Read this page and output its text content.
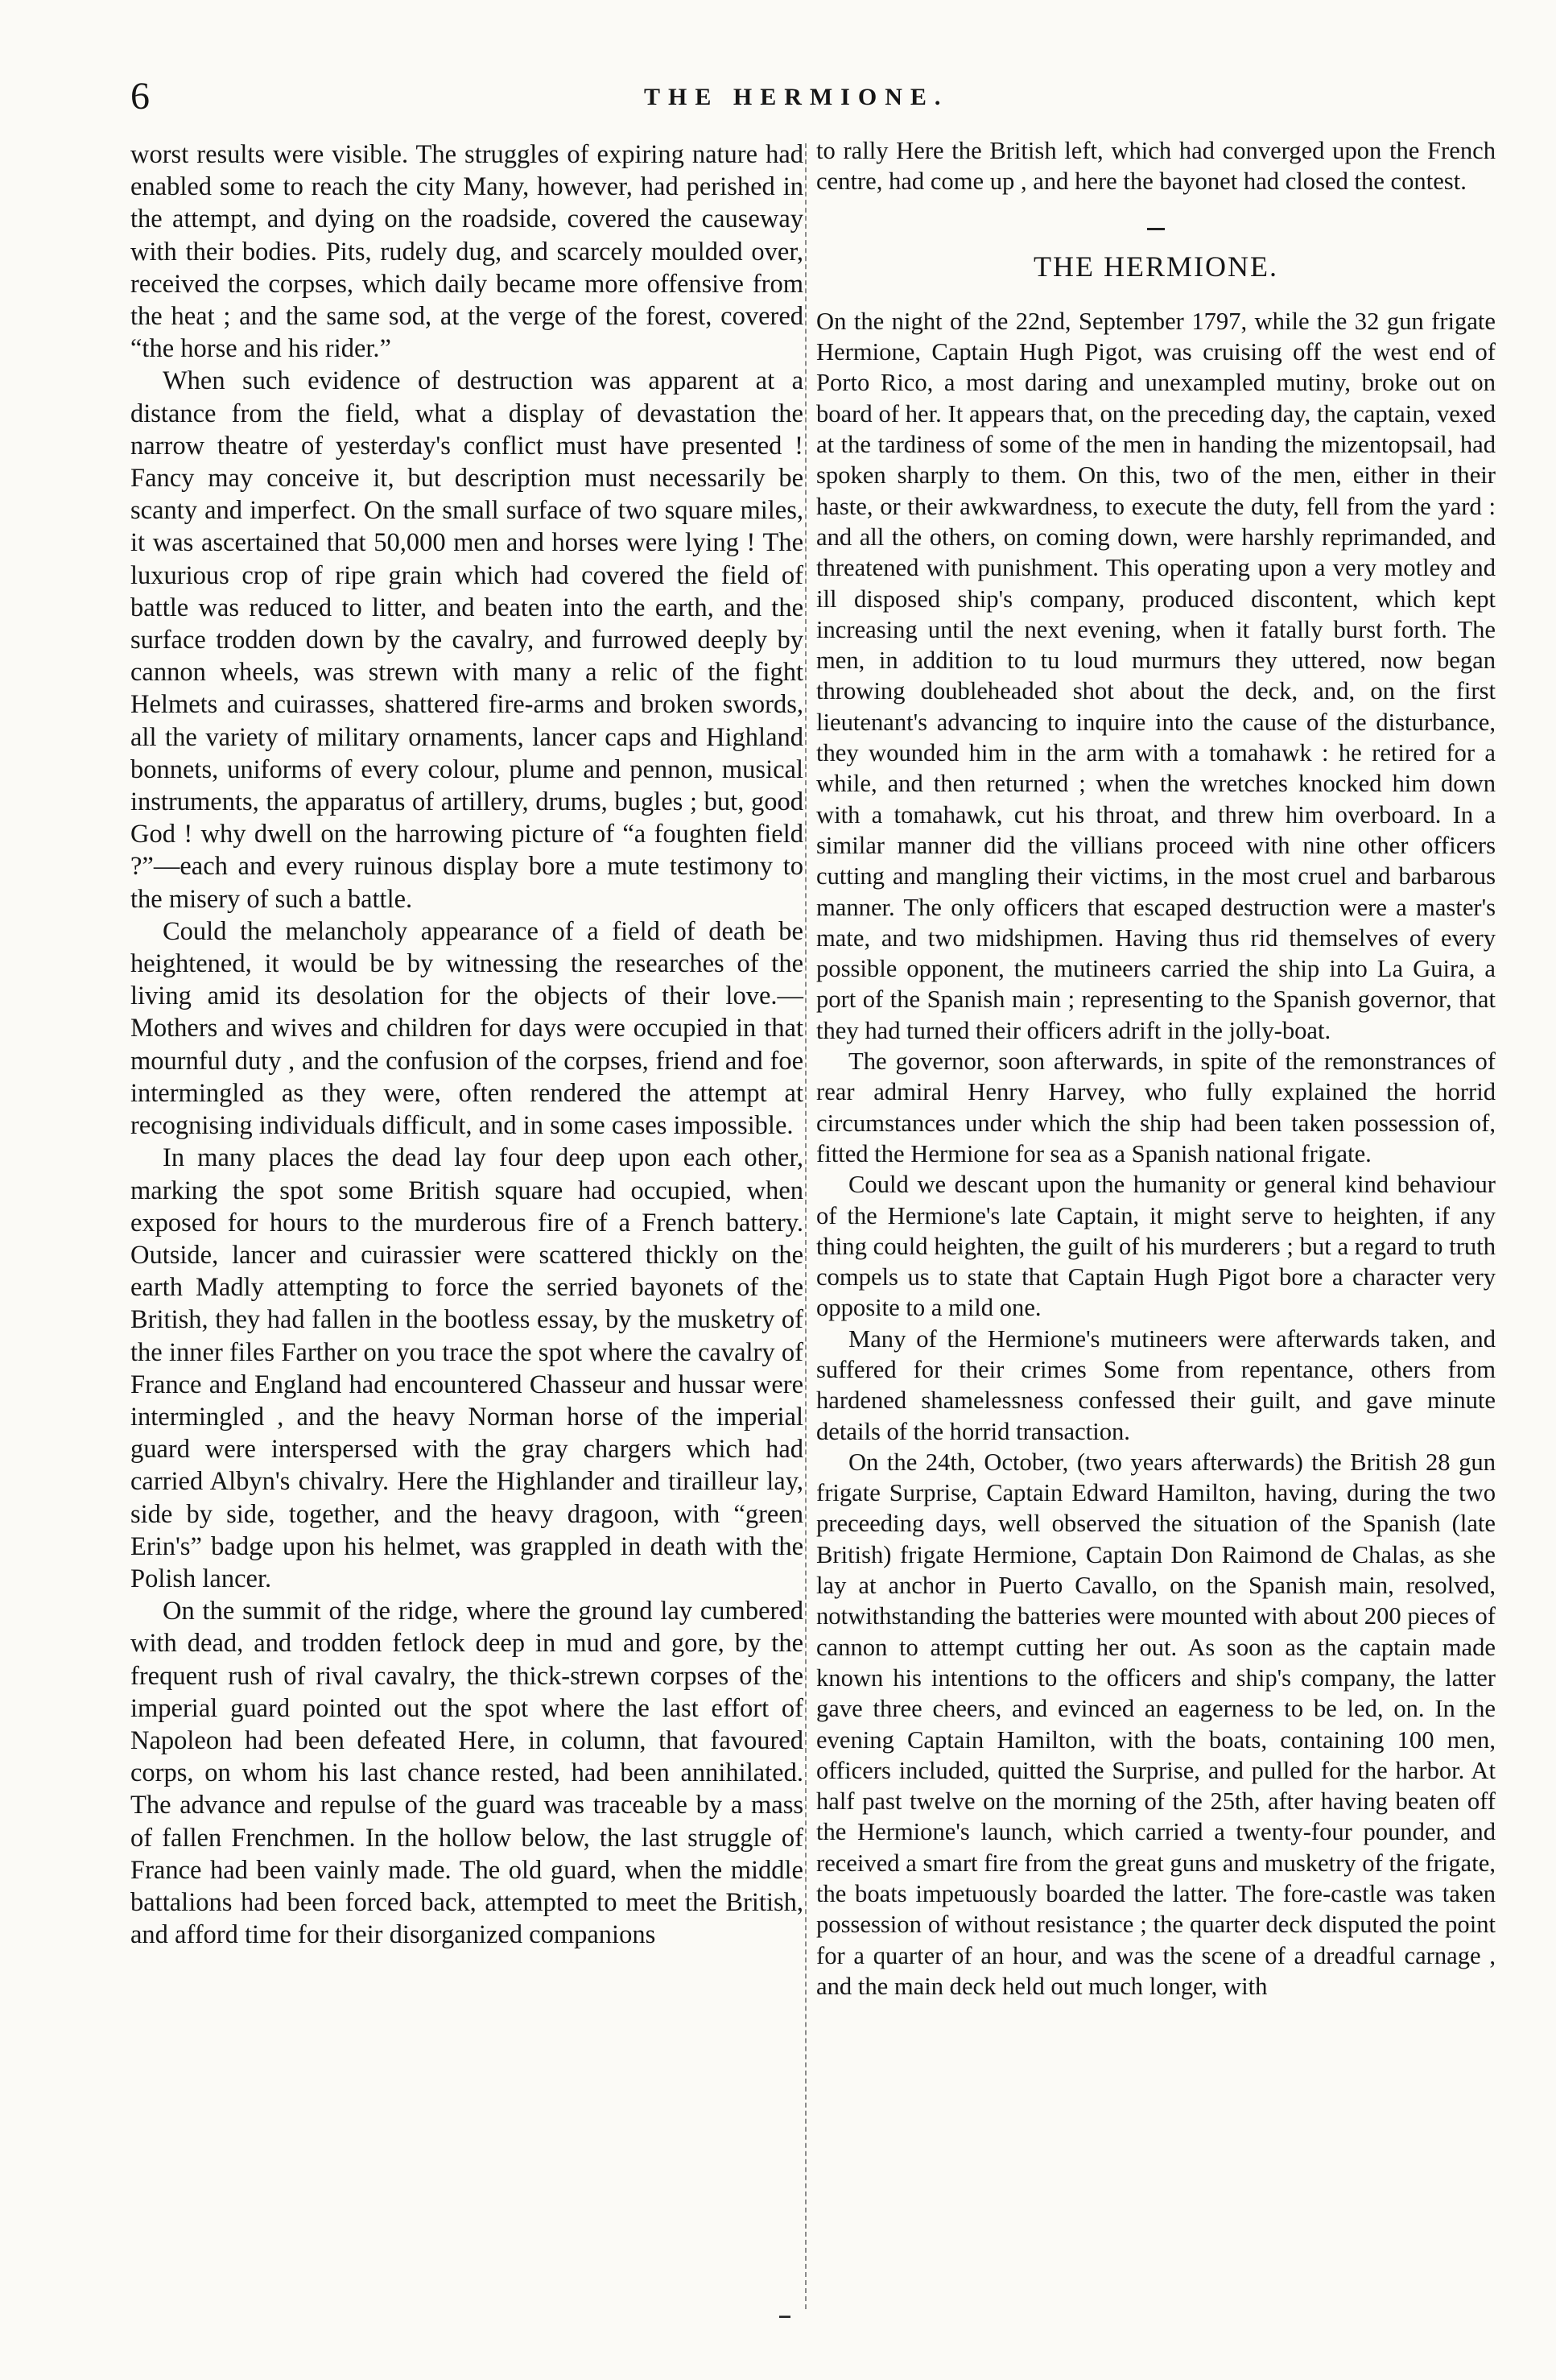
6	THE HERMIONE.

worst results were visible. The struggles of expiring nature had enabled some to reach the city Many, however, had perished in the attempt, and dying on the roadside, covered the causeway with their bodies. Pits, rudely dug, and scarcely moulded over, received the corpses, which daily became more offensive from the heat ; and the same sod, at the verge of the forest, covered “the horse and his rider.”

When such evidence of destruction was apparent at a distance from the field, what a display of devastation the narrow theatre of yesterday's conflict must have presented ! Fancy may conceive it, but description must necessarily be scanty and imperfect. On the small surface of two square miles, it was ascertained that 50,000 men and horses were lying ! The luxurious crop of ripe grain which had covered the field of battle was reduced to litter, and beaten into the earth, and the surface trodden down by the cavalry, and furrowed deeply by cannon wheels, was strewn with many a relic of the fight Helmets and cuirasses, shattered fire-arms and broken swords, all the variety of military ornaments, lancer caps and Highland bonnets, uniforms of every colour, plume and pennon, musical instruments, the apparatus of artillery, drums, bugles ; but, good God ! why dwell on the harrowing picture of “a foughten field ?”—each and every ruinous display bore a mute testimony to the misery of such a battle.

Could the melancholy appearance of a field of death be heightened, it would be by witnessing the researches of the living amid its desolation for the objects of their love.—Mothers and wives and children for days were occupied in that mournful duty , and the confusion of the corpses, friend and foe intermingled as they were, often rendered the attempt at recognising individuals difficult, and in some cases impossible.

In many places the dead lay four deep upon each other, marking the spot some British square had occupied, when exposed for hours to the murderous fire of a French battery. Outside, lancer and cuirassier were scattered thickly on the earth Madly attempting to force the serried bayonets of the British, they had fallen in the bootless essay, by the musketry of the inner files Farther on you trace the spot where the cavalry of France and England had encountered Chasseur and hussar were intermingled , and the heavy Norman horse of the imperial guard were interspersed with the gray chargers which had carried Albyn's chivalry. Here the Highlander and tirailleur lay, side by side, together, and the heavy dragoon, with “green Erin's” badge upon his helmet, was grappled in death with the Polish lancer.

On the summit of the ridge, where the ground lay cumbered with dead, and trodden fetlock deep in mud and gore, by the frequent rush of rival cavalry, the thick-strewn corpses of the imperial guard pointed out the spot where the last effort of Napoleon had been defeated Here, in column, that favoured corps, on whom his last chance rested, had been annihilated. The advance and repulse of the guard was traceable by a mass of fallen Frenchmen. In the hollow below, the last struggle of France had been vainly made. The old guard, when the middle battalions had been forced back, attempted to meet the British, and afford time for their disorganized companions

to rally Here the British left, which had converged upon the French centre, had come up , and here the bayonet had closed the contest.

THE HERMIONE.

On the night of the 22nd, September 1797, while the 32 gun frigate Hermione, Captain Hugh Pigot, was cruising off the west end of Porto Rico, a most daring and unexampled mutiny, broke out on board of her. It appears that, on the preceding day, the captain, vexed at the tardiness of some of the men in handing the mizentopsail, had spoken sharply to them. On this, two of the men, either in their haste, or their awkwardness, to execute the duty, fell from the yard : and all the others, on coming down, were harshly reprimanded, and threatened with punishment. This operating upon a very motley and ill disposed ship's company, produced discontent, which kept increasing until the next evening, when it fatally burst forth. The men, in addition to tu loud murmurs they uttered, now began throwing doubleheaded shot about the deck, and, on the first lieutenant's advancing to inquire into the cause of the disturbance, they wounded him in the arm with a tomahawk : he retired for a while, and then returned ; when the wretches knocked him down with a tomahawk, cut his throat, and threw him overboard. In a similar manner did the villians proceed with nine other officers cutting and mangling their victims, in the most cruel and barbarous manner. The only officers that escaped destruction were a master's mate, and two midshipmen. Having thus rid themselves of every possible opponent, the mutineers carried the ship into La Guira, a port of the Spanish main ; representing to the Spanish governor, that they had turned their officers adrift in the jolly-boat.

The governor, soon afterwards, in spite of the remonstrances of rear admiral Henry Harvey, who fully explained the horrid circumstances under which the ship had been taken possession of, fitted the Hermione for sea as a Spanish national frigate.

Could we descant upon the humanity or general kind behaviour of the Hermione's late Captain, it might serve to heighten, if any thing could heighten, the guilt of his murderers ; but a regard to truth compels us to state that Captain Hugh Pigot bore a character very opposite to a mild one.

Many of the Hermione's mutineers were afterwards taken, and suffered for their crimes Some from repentance, others from hardened shamelessness confessed their guilt, and gave minute details of the horrid transaction.

On the 24th, October, (two years afterwards) the British 28 gun frigate Surprise, Captain Edward Hamilton, having, during the two preceeding days, well observed the situation of the Spanish (late British) frigate Hermione, Captain Don Raimond de Chalas, as she lay at anchor in Puerto Cavallo, on the Spanish main, resolved, notwithstanding the batteries were mounted with about 200 pieces of cannon to attempt cutting her out. As soon as the captain made known his intentions to the officers and ship's company, the latter gave three cheers, and evinced an eagerness to be led, on. In the evening Captain Hamilton, with the boats, containing 100 men, officers included, quitted the Surprise, and pulled for the harbor. At half past twelve on the morning of the 25th, after having beaten off the Hermione's launch, which carried a twenty-four pounder, and received a smart fire from the great guns and musketry of the frigate, the boats impetuously boarded the latter. The fore-castle was taken possession of without resistance ; the quarter deck disputed the point for a quarter of an hour, and was the scene of a dreadful carnage , and the main deck held out much longer, with
